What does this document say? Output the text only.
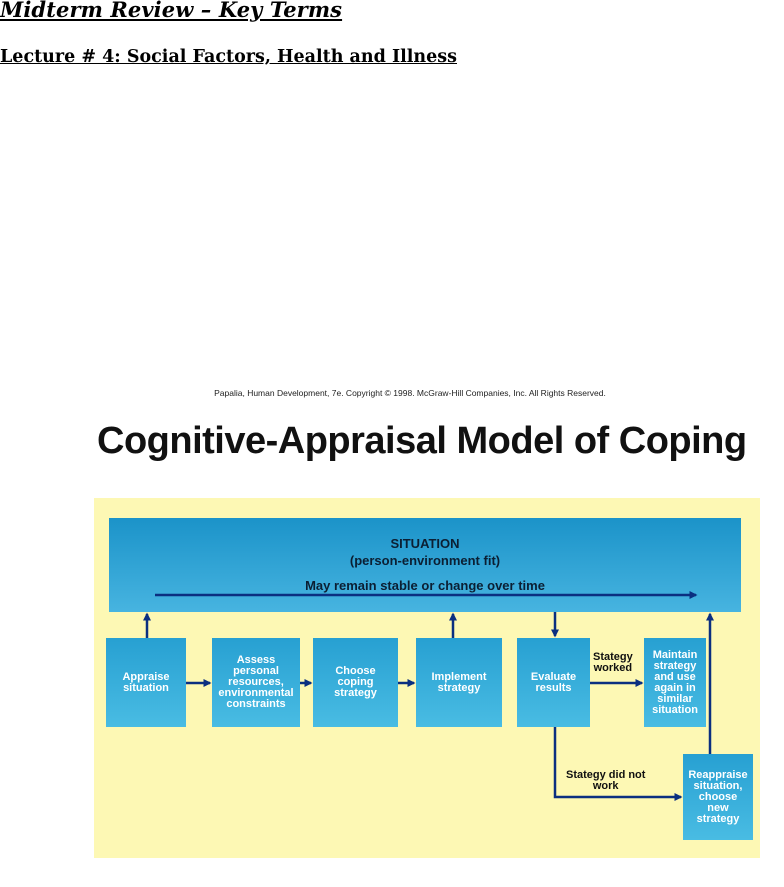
Midterm Review – Key Terms
Lecture # 4: Social Factors, Health and Illness
Papalia, Human Development, 7e. Copyright © 1998. McGraw-Hill Companies, Inc. All Rights Reserved.
Cognitive-Appraisal Model of Coping
SITUATION
(person-environment fit)
May remain stable or change over time
Appraise
situation
Assess
personal
resources,
environmental
constraints
Choose
coping
strategy
Implement
strategy
Evaluate
results
Maintain
strategy
and use
again in
similar
situation
Reappraise
situation,
choose
new
strategy
Stategy
worked
Stategy did not
work
